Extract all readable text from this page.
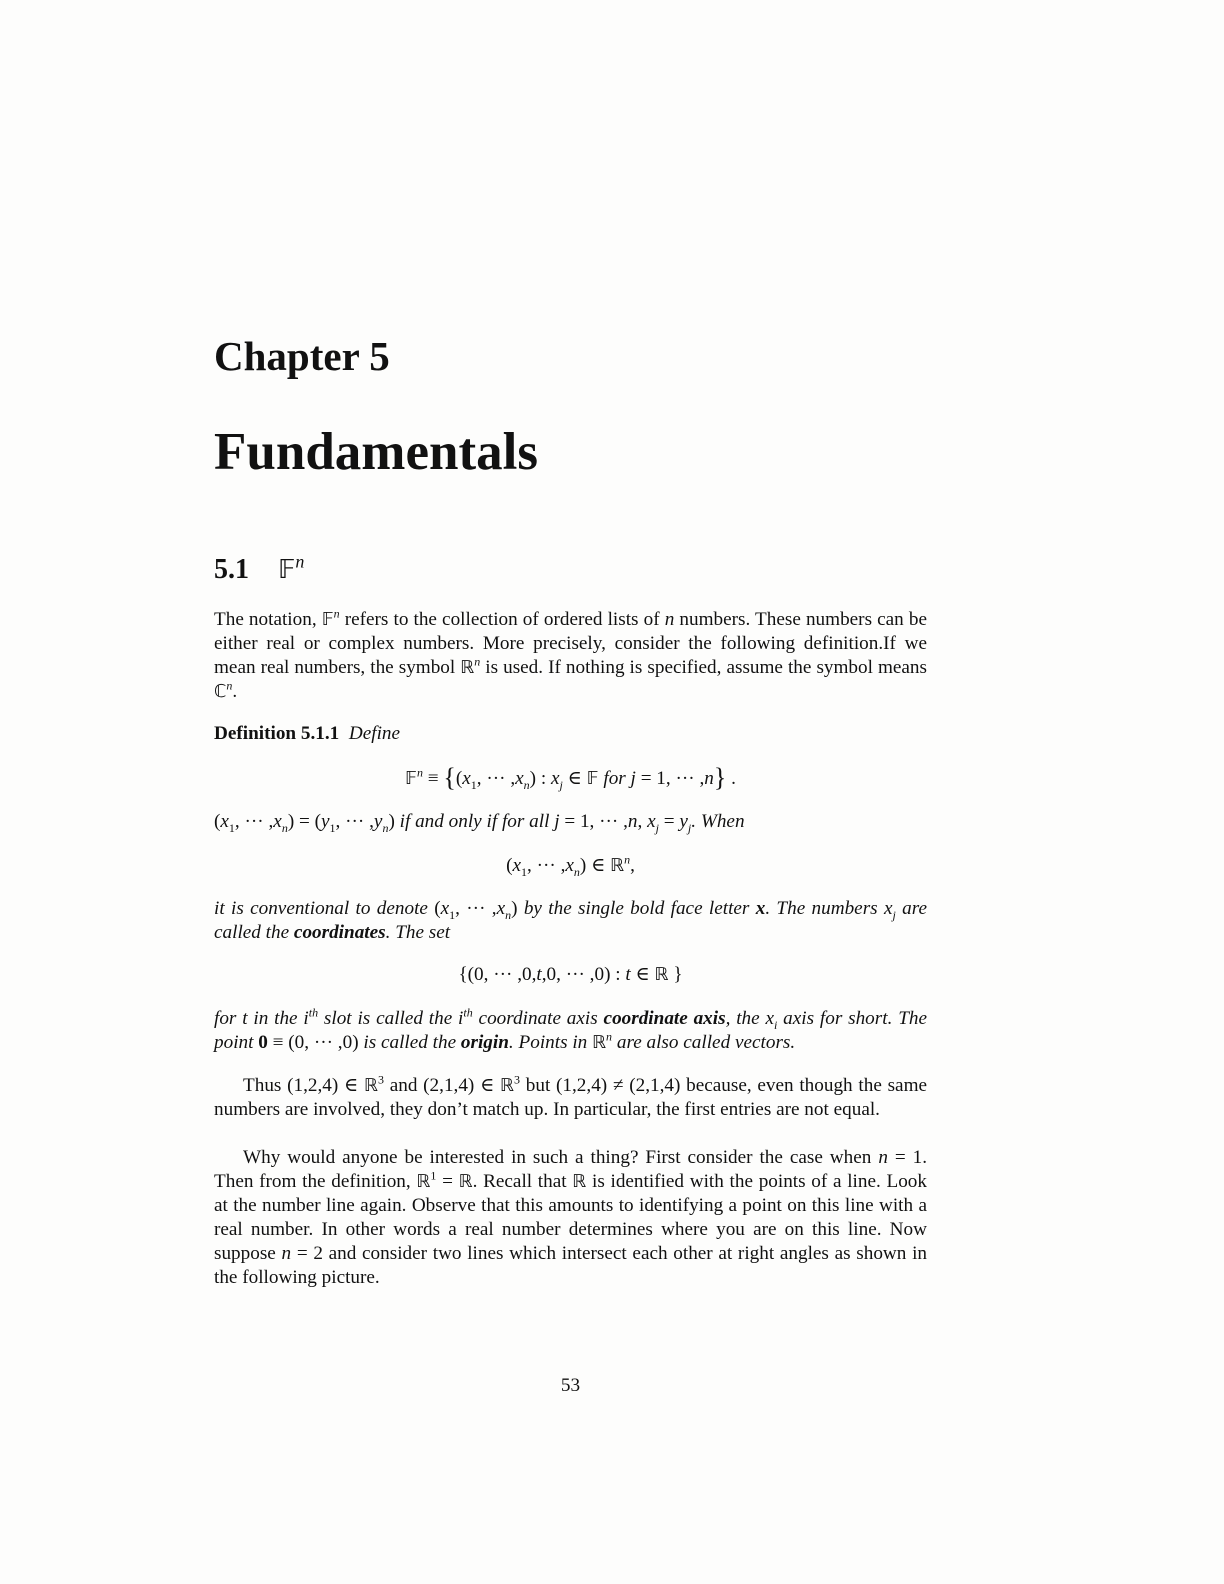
Chapter 5
Fundamentals
5.1 𝔽$^n$
The notation, 𝔽$^n$ refers to the collection of ordered lists of n numbers. These numbers can be either real or complex numbers. More precisely, consider the following definition.If we mean real numbers, the symbol ℝ$^n$ is used. If nothing is specified, assume the symbol means ℂ$^n$.
Definition 5.1.1 Define
𝔽$^n$ ≡ {($x_1$, ··· $,x_n$) : $x_j$ ∈ 𝔽 for j = 1, ··· ,n} .
($x_1$, ··· $,x_n) = (y_1$, ··· $,y_n$) if and only if for all j = 1, ··· ,n, $x_j = y_j$. When
($x_1$, ··· $,x_n$) ∈ ℝ$^n$,
it is conventional to denote ($x_1$, ··· $,x_n$) by the single bold face letter x. The numbers $x_j$ are called the coordinates. The set
{(0, ··· ,0,t,0, ··· ,0) : t ∈ ℝ }
for t in the $i^{th}$ slot is called the $i^{th}$ coordinate axis coordinate axis, the $x_i$ axis for short. The point 0 ≡ (0, ··· ,0) is called the origin. Points in ℝ$^n$ are also called vectors.
Thus (1,2,4) ∈ ℝ$^3$ and (2,1,4) ∈ ℝ$^3$ but (1,2,4) ≠ (2,1,4) because, even though the same numbers are involved, they don’t match up. In particular, the first entries are not equal.
Why would anyone be interested in such a thing? First consider the case when n = 1. Then from the definition, ℝ$^1$ = ℝ. Recall that ℝ is identified with the points of a line. Look at the number line again. Observe that this amounts to identifying a point on this line with a real number. In other words a real number determines where you are on this line. Now suppose n = 2 and consider two lines which intersect each other at right angles as shown in the following picture.
53
